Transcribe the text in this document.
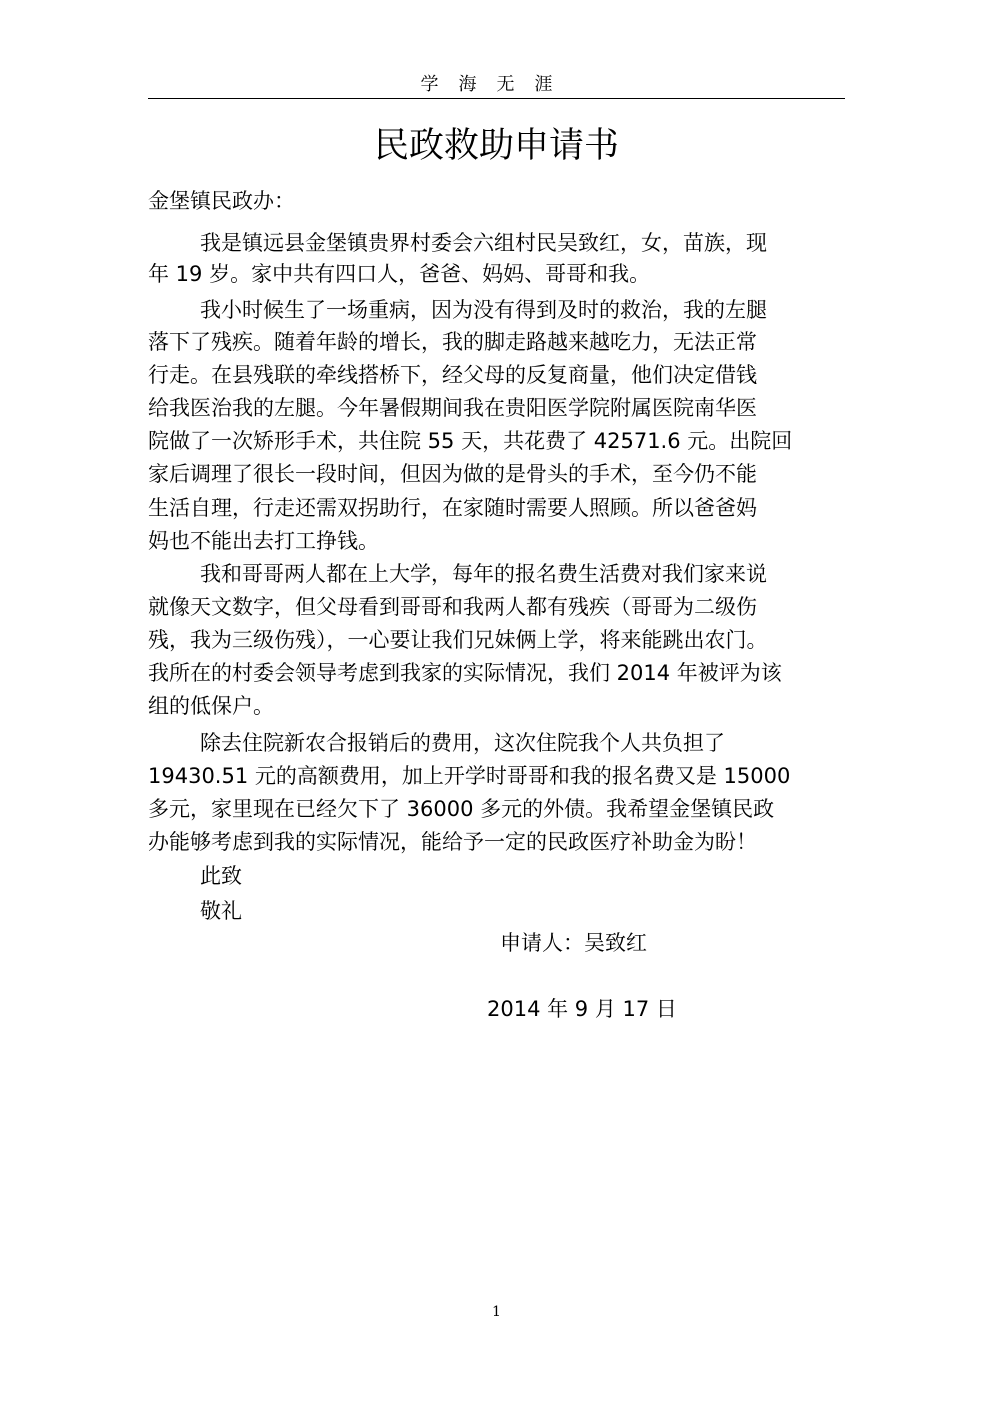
学海无涯
民政救助申请书
金堡镇民政办：
我是镇远县金堡镇贵界村委会六组村民吴致红，女，苗族，现
年 19 岁。家中共有四口人，爸爸、妈妈、哥哥和我。
我小时候生了一场重病，因为没有得到及时的救治，我的左腿
落下了残疾。随着年龄的增长，我的脚走路越来越吃力，无法正常
行走。在县残联的牵线搭桥下，经父母的反复商量，他们决定借钱
给我医治我的左腿。今年暑假期间我在贵阳医学院附属医院南华医
院做了一次矫形手术，共住院 55 天，共花费了 42571.6 元。出院回
家后调理了很长一段时间，但因为做的是骨头的手术，至今仍不能
生活自理，行走还需双拐助行，在家随时需要人照顾。所以爸爸妈
妈也不能出去打工挣钱。
我和哥哥两人都在上大学，每年的报名费生活费对我们家来说
就像天文数字，但父母看到哥哥和我两人都有残疾（哥哥为二级伤
残，我为三级伤残），一心要让我们兄妹俩上学，将来能跳出农门。
我所在的村委会领导考虑到我家的实际情况，我们 2014 年被评为该
组的低保户。
除去住院新农合报销后的费用，这次住院我个人共负担了
19430.51 元的高额费用，加上开学时哥哥和我的报名费又是 15000
多元，家里现在已经欠下了 36000 多元的外债。我希望金堡镇民政
办能够考虑到我的实际情况，能给予一定的民政医疗补助金为盼！
此致
敬礼
申请人：吴致红
2014 年 9 月 17 日
1
